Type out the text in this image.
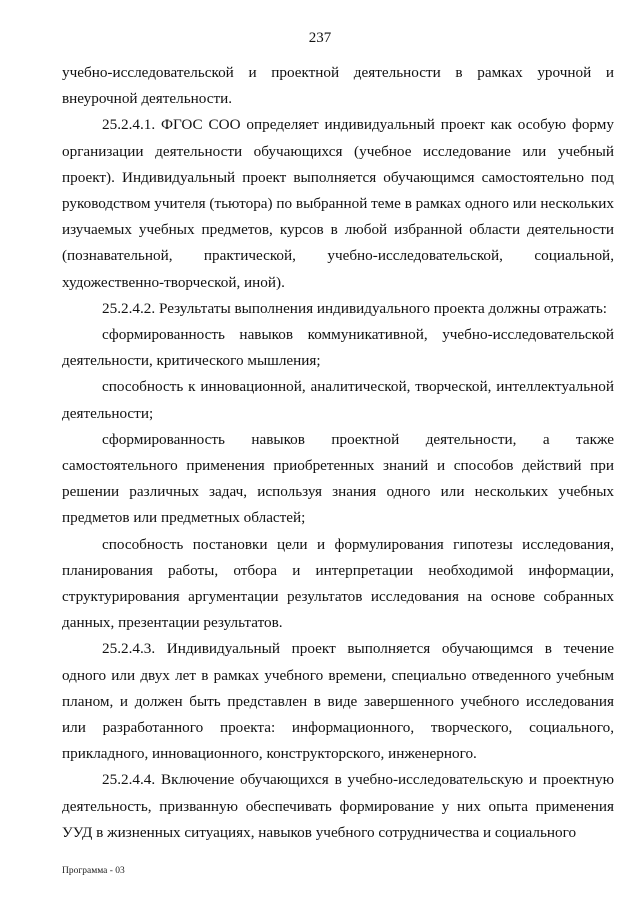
237

учебно-исследовательской и проектной деятельности в рамках урочной и внеурочной деятельности.

25.2.4.1. ФГОС СОО определяет индивидуальный проект как особую форму организации деятельности обучающихся (учебное исследование или учебный проект). Индивидуальный проект выполняется обучающимся самостоятельно под руководством учителя (тьютора) по выбранной теме в рамках одного или нескольких изучаемых учебных предметов, курсов в любой избранной области деятельности (познавательной, практической, учебно-исследовательской, социальной, художественно-творческой, иной).

25.2.4.2. Результаты выполнения индивидуального проекта должны отражать:

сформированность навыков коммуникативной, учебно-исследовательской деятельности, критического мышления;

способность к инновационной, аналитической, творческой, интеллектуальной деятельности;

сформированность навыков проектной деятельности, а также самостоятельного применения приобретенных знаний и способов действий при решении различных задач, используя знания одного или нескольких учебных предметов или предметных областей;

способность постановки цели и формулирования гипотезы исследования, планирования работы, отбора и интерпретации необходимой информации, структурирования аргументации результатов исследования на основе собранных данных, презентации результатов.

25.2.4.3. Индивидуальный проект выполняется обучающимся в течение одного или двух лет в рамках учебного времени, специально отведенного учебным планом, и должен быть представлен в виде завершенного учебного исследования или разработанного проекта: информационного, творческого, социального, прикладного, инновационного, конструкторского, инженерного.

25.2.4.4. Включение обучающихся в учебно-исследовательскую и проектную деятельность, призванную обеспечивать формирование у них опыта применения УУД в жизненных ситуациях, навыков учебного сотрудничества и социального

Программа - 03
